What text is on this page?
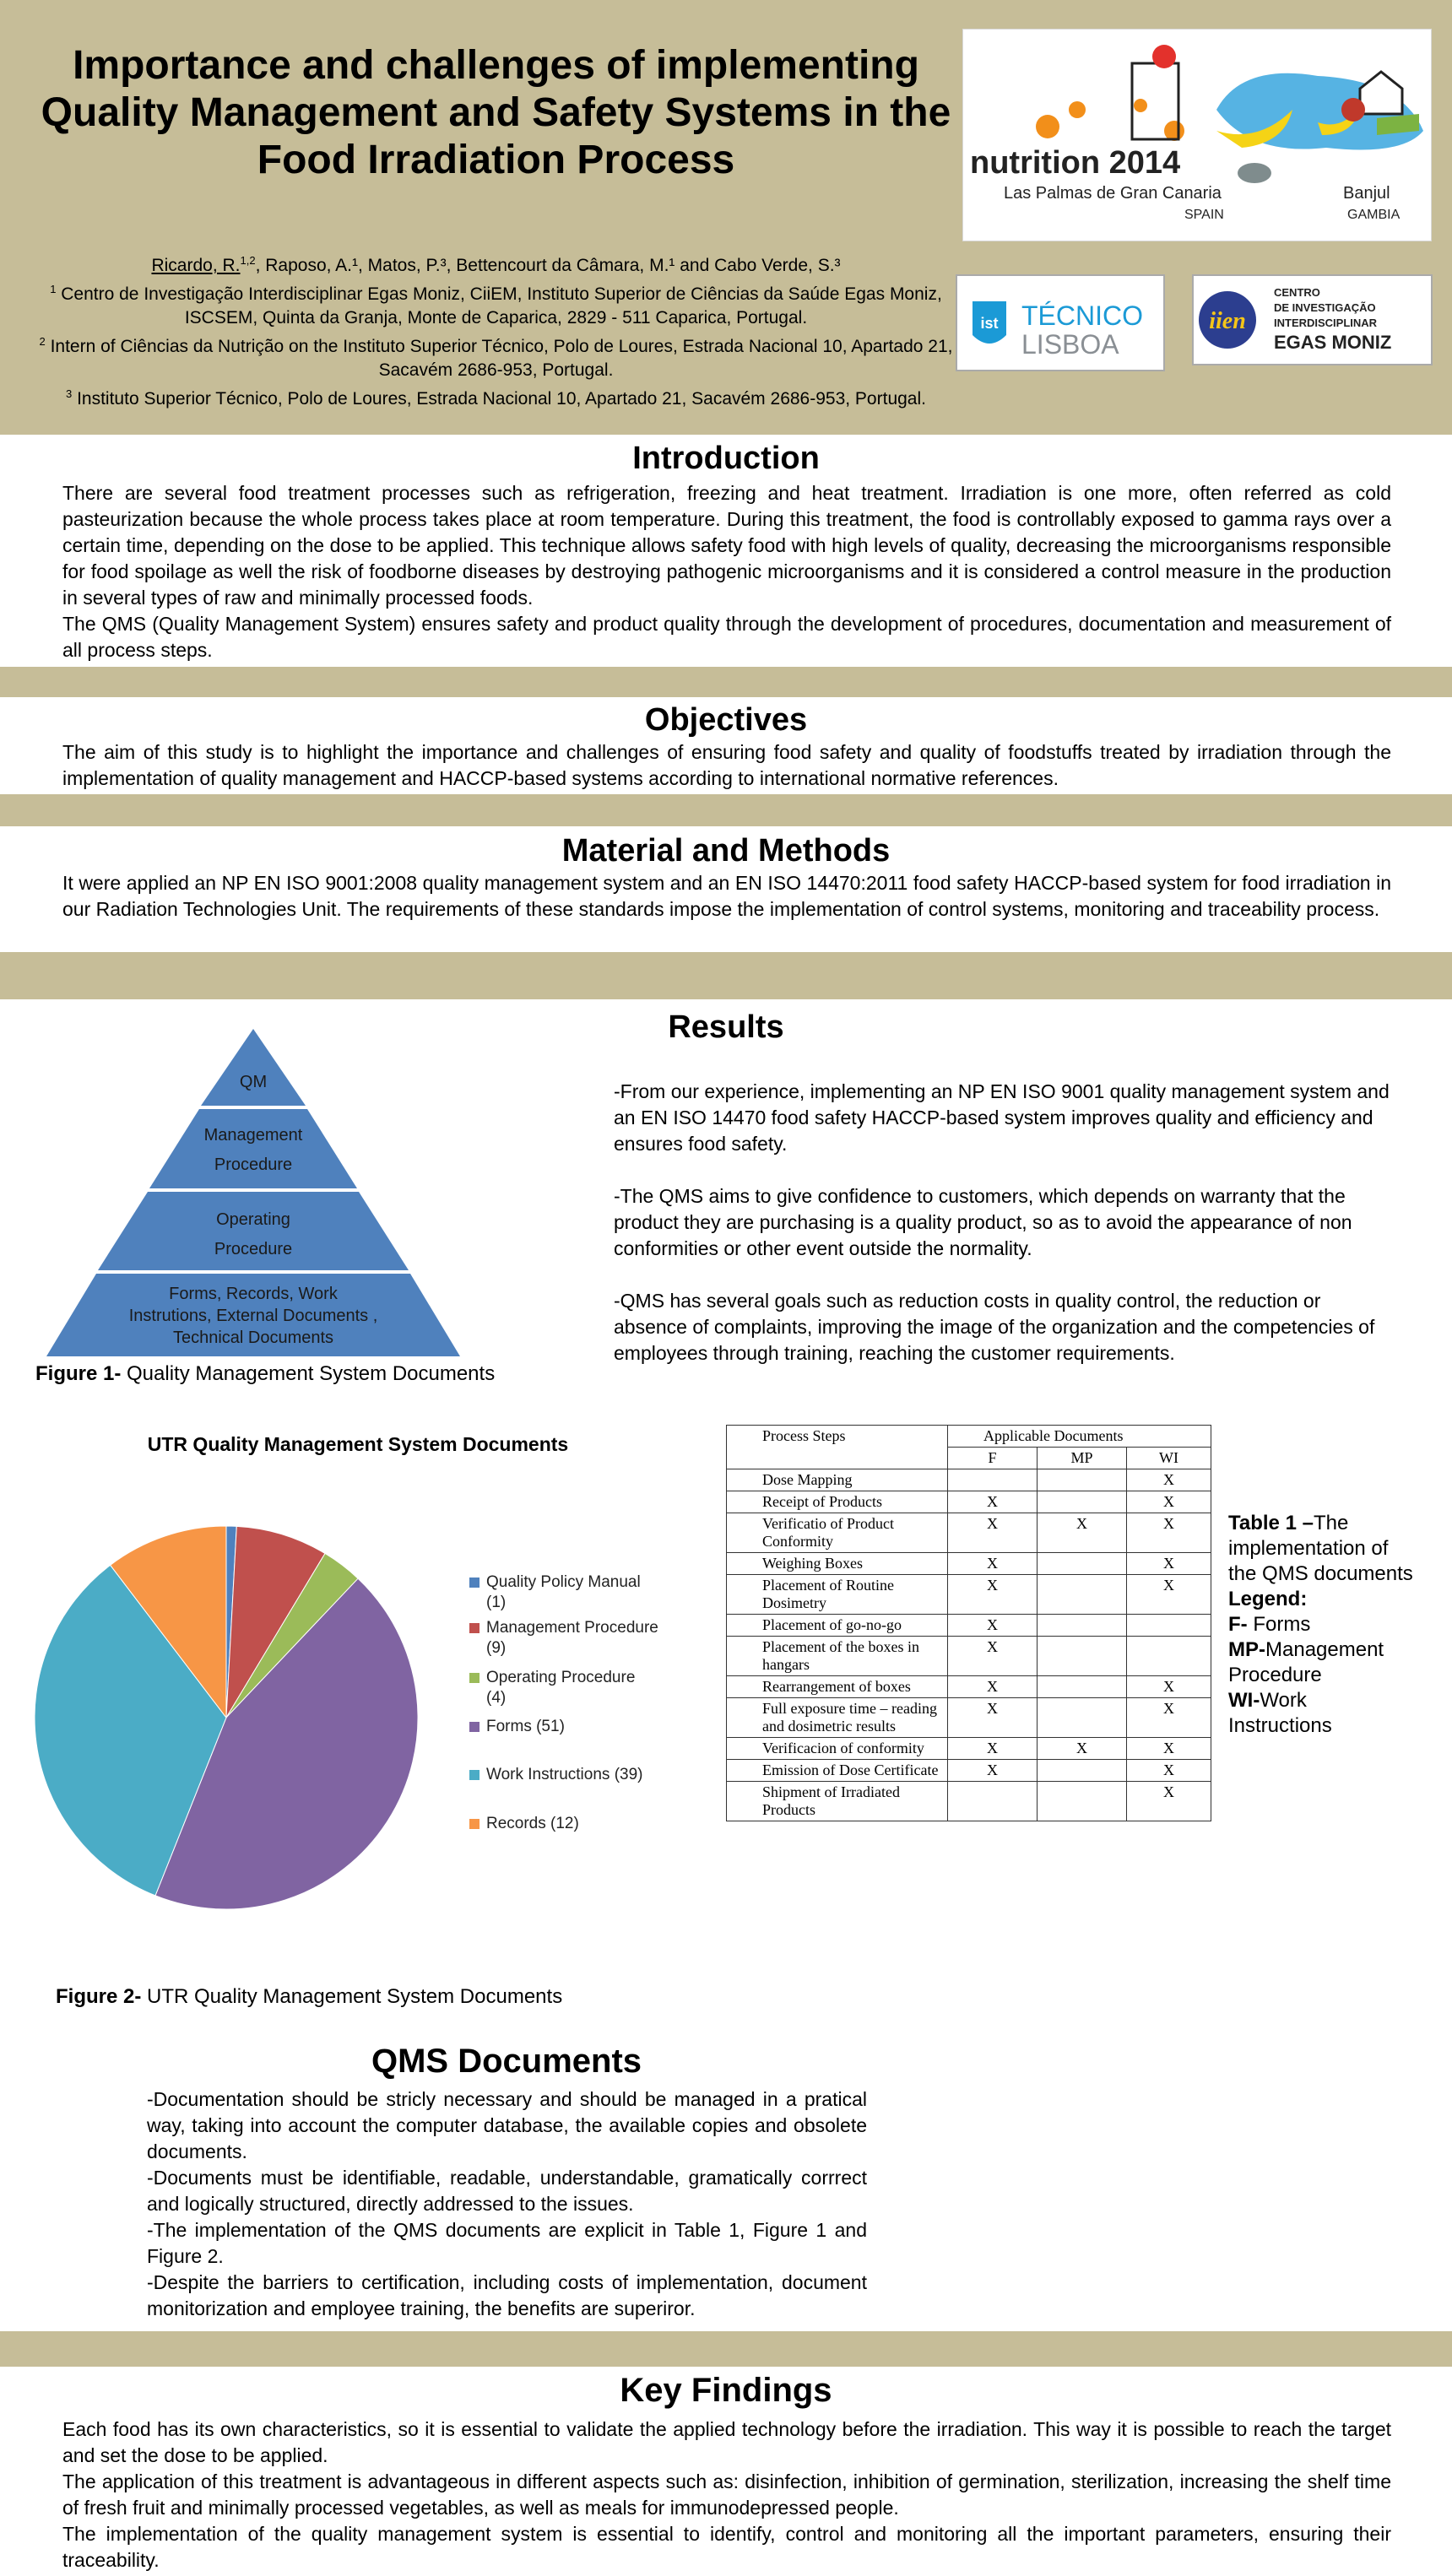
Importance and challenges of implementing Quality Management and Safety Systems in the Food Irradiation Process
Ricardo, R.$^{1,2}$, Raposo, A.¹, Matos, P.³, Bettencourt da Câmara, M.¹ and Cabo Verde, S.³
$^1$ Centro de Investigação Interdisciplinar Egas Moniz, CiiEM, Instituto Superior de Ciências da Saúde Egas Moniz, ISCSEM, Quinta da Granja, Monte de Caparica, 2829 - 511 Caparica, Portugal.
$^2$ Intern of Ciências da Nutrição on the Instituto Superior Técnico, Polo de Loures, Estrada Nacional 10, Apartado 21, Sacavém 2686-953, Portugal.
$^3$ Instituto Superior Técnico, Polo de Loures, Estrada Nacional 10, Apartado 21, Sacavém 2686-953, Portugal.
nutrition 2014
Las Palmas de Gran Canaria
SPAIN
Banjul
GAMBIA
ist TÉCNICO
LISBOA
iien
CENTRO
DE INVESTIGAÇÃO
INTERDISCIPLINAR
EGAS MONIZ
Introduction

There are several food treatment processes such as refrigeration, freezing and heat treatment. Irradiation is one more, often referred as cold pasteurization because the whole process takes place at room temperature. During this treatment, the food is controllably exposed to gamma rays over a certain time, depending on the dose to be applied. This technique allows safety food with high levels of quality, decreasing the microorganisms responsible for food spoilage as well the risk of foodborne diseases by destroying pathogenic microorganisms and it is considered a control measure in the production in several types of raw and minimally processed foods.

The QMS (Quality Management System) ensures safety and product quality through the development of procedures, documentation and measurement of all process steps.

Objectives

The aim of this study is to highlight the importance and challenges of ensuring food safety and quality of foodstuffs treated by irradiation through the implementation of quality management and HACCP-based systems according to international normative references.

Material and Methods

It were applied an NP EN ISO 9001:2008 quality management system and an EN ISO 14470:2011 food safety HACCP-based system for food irradiation in our Radiation Technologies Unit. The requirements of these standards impose the implementation of control systems, monitoring and traceability process.

Results
QM
Management
Procedure
Operating
Procedure
Forms, Records, Work
Instrutions, External Documents ,
Technical Documents
Figure 1- Quality Management System Documents

-From our experience, implementing an NP EN ISO 9001 quality management system and an EN ISO 14470 food safety HACCP-based system improves quality and efficiency and ensures food safety.

-The QMS aims to give confidence to customers, which depends on warranty that the product they are purchasing is a quality product, so as to avoid the appearance of non conformities or other event outside the normality.

-QMS has several goals such as reduction costs in quality control, the reduction or absence of complaints, improving the image of the organization and the competencies of employees through training, reaching the customer requirements.

UTR Quality Management System Documents
Quality Policy Manual (1)
Management Procedure (9)
Operating Procedure (4)
Forms (51)
Work Instructions (39)
Records (12)
Figure 2- UTR Quality Management System Documents
Process Steps	Applicable Documents		
	F	MP	WI
Dose Mapping			X
Receipt of Products	X		X
Verificatio of Product Conformity	X	X	X
Weighing Boxes	X		X
Placement of Routine Dosimetry	X		X
Placement of go-no-go	X		
Placement of the boxes in hangars	X		
Rearrangement of boxes	X		X
Full exposure time – reading and dosimetric results	X		X
Verificacion of conformity	X	X	X
Emission of Dose Certificate	X		X
Shipment of Irradiated Products			X
Table 1 –The implementation of the QMS documents
Legend:
F- Forms
MP-Management Procedure
WI-Work Instructions
QMS Documents

-Documentation should be stricly necessary and should be managed in a pratical way, taking into account the computer database, the available copies and obsolete documents.

-Documents must be identifiable, readable, understandable, gramatically corrrect and logically structured, directly addressed to the issues.

-The implementation of the QMS documents are explicit in Table 1, Figure 1 and Figure 2.

-Despite the barriers to certification, including costs of implementation, document monitorization and employee training, the benefits are superiror.

Key Findings

Each food has its own characteristics, so it is essential to validate the applied technology before the irradiation. This way it is possible to reach the target and set the dose to be applied.

The application of this treatment is advantageous in different aspects such as: disinfection, inhibition of germination, sterilization, increasing the shelf time of fresh fruit and minimally processed vegetables, as well as meals for immunodepressed people.

The implementation of the quality management system is essential to identify, control and monitoring all the important parameters, ensuring their traceability.
